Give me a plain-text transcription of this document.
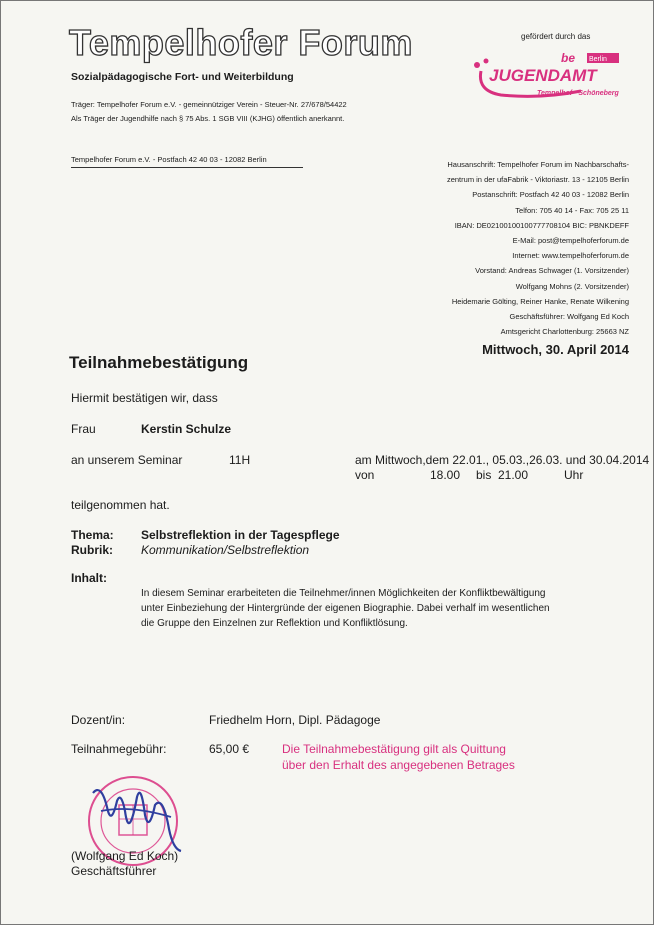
Tempelhofer Forum
Sozialpädagogische Fort- und Weiterbildung
Träger: Tempelhofer Forum e.V. - gemeinnütziger Verein - Steuer-Nr. 27/678/54422
Als Träger der Jugendhilfe nach § 75 Abs. 1 SGB VIII (KJHG) öffentlich anerkannt.
gefördert durch das
be Berlin
JUGENDAMT
Tempelhof - Schöneberg
Tempelhofer Forum e.V. - Postfach 42 40 03 - 12082 Berlin
Hausanschrift: Tempelhofer Forum im Nachbarschafts-
zentrum in der ufaFabrik - Viktoriastr. 13 - 12105 Berlin
Postanschrift: Postfach 42 40 03 - 12082 Berlin
Telfon: 705 40 14 - Fax: 705 25 11
IBAN: DE02100100100777708104 BIC: PBNKDEFF
E-Mail: post@tempelhoferforum.de
Internet: www.tempelhoferforum.de
Vorstand: Andreas Schwager (1. Vorsitzender)
Wolfgang Mohns (2. Vorsitzender)
Heidemarie Gölting, Reiner Hanke, Renate Wilkening
Geschäftsführer: Wolfgang Ed Koch
Amtsgericht Charlottenburg: 25663 NZ
Mittwoch, 30. April 2014
Teilnahmebestätigung
Hiermit bestätigen wir, dass
Frau	Kerstin Schulze
an unserem Seminar	11H	am Mittwoch,dem 22.01., 05.03.,26.03. und 30.04.2014
von	18.00 bis 21.00	Uhr
teilgenommen hat.
Thema: Selbstreflektion in der Tagespflege
Rubrik: Kommunikation/Selbstreflektion
Inhalt:
In diesem Seminar erarbeiteten die Teilnehmer/innen Möglichkeiten der Konfliktbewältigung
unter Einbeziehung der Hintergründe der eigenen Biographie. Dabei verhalf im wesentlichen
die Gruppe den Einzelnen zur Reflektion und Konfliktlösung.
Dozent/in:	Friedhelm Horn, Dipl. Pädagoge
Teilnahmegebühr:	65,00 €	Die Teilnahmebestätigung gilt als Quittung
über den Erhalt des angegebenen Betrages
(Wolfgang Ed Koch)
Geschäftsführer
